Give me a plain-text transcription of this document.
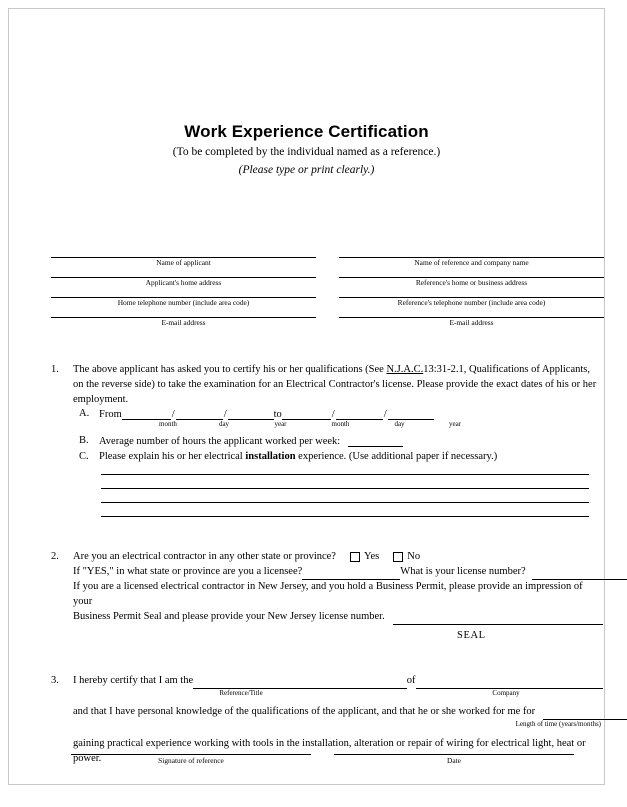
Work Experience Certification
(To be completed by the individual named as a reference.)
(Please type or print clearly.)
Name of applicant	Name of reference and company name
Applicant's home address	Reference's home or business address
Home telephone number (include area code)	Reference's telephone number (include area code)
E-mail address	E-mail address
1.	The above applicant has asked you to certify his or her qualifications (See N.J.A.C.13:31-2.1, Qualifications of Applicants, on the reverse side) to take the examination for an Electrical Contractor's license. Please provide the exact dates of his or her employment.
A. From	/	/	to	/	/
month	day	year	month	day	year
B. Average number of hours the applicant worked per week:
C. Please explain his or her electrical installation experience. (Use additional paper if necessary.)
2.	Are you an electrical contractor in any other state or province?	Yes	No
If "YES," in what state or province are you a licensee?	What is your license number?
If you are a licensed electrical contractor in New Jersey, and you hold a Business Permit, please provide an impression of your
Business Permit Seal and please provide your New Jersey license number.
SEAL
3.	I hereby certify that I am the	of
Reference/Title	Company
and that I have personal knowledge of the qualifications of the applicant, and that he or she worked for me for
Length of time (years/months)
gaining practical experience working with tools in the installation, alteration or repair of wiring for electrical light, heat or power.	Signature of reference	Date
